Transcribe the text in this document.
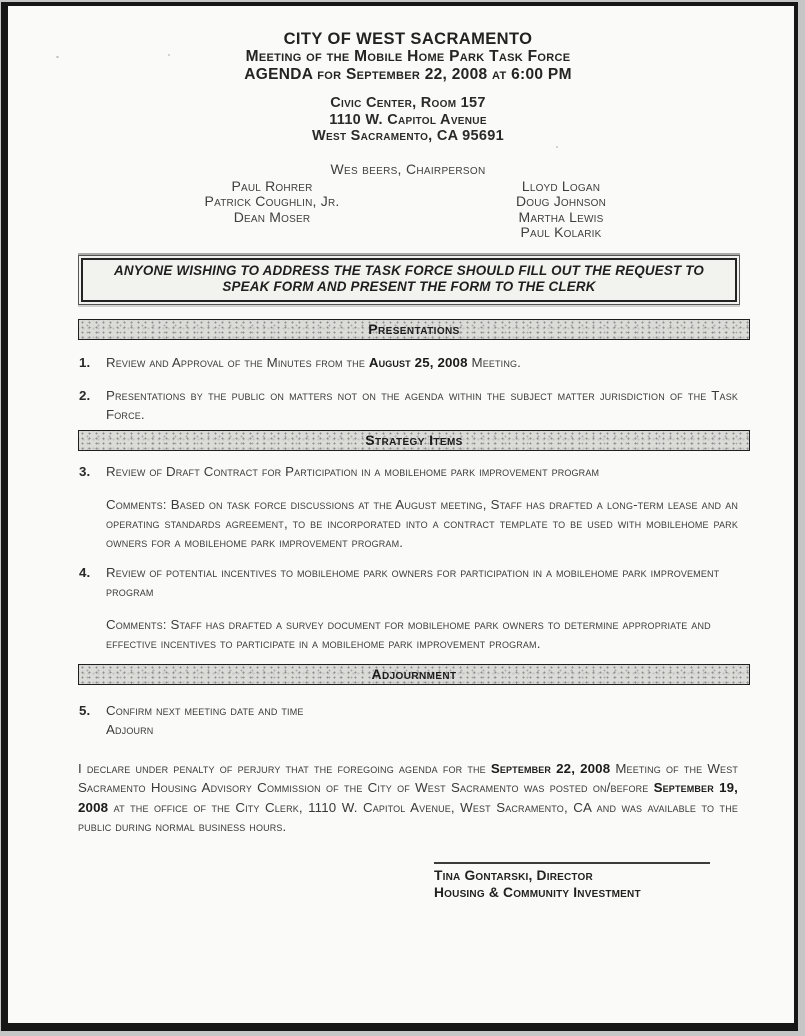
CITY OF WEST SACRAMENTO
Meeting of the Mobile Home Park Task Force
AGENDA for September 22, 2008 at 6:00 PM
Civic Center, Room 157
1110 W. Capitol Avenue
West Sacramento, CA 95691
Wes beers, Chairperson
Paul Rohrer
Patrick Coughlin, Jr.
Dean Moser
Lloyd Logan
Doug Johnson
Martha Lewis
Paul Kolarik
ANYONE WISHING TO ADDRESS THE TASK FORCE SHOULD FILL OUT THE REQUEST TO SPEAK FORM AND PRESENT THE FORM TO THE CLERK
Presentations
1. Review and Approval of the Minutes from the August 25, 2008 Meeting.
2. Presentations by the public on matters not on the agenda within the subject matter jurisdiction of the Task Force.
Strategy Items
3. Review of Draft Contract for Participation in a mobilehome park improvement program
Comments: Based on task force discussions at the August meeting, Staff has drafted a long-term lease and an operating standards agreement, to be incorporated into a contract template to be used with mobilehome park owners for a mobilehome park improvement program.
4. Review of potential incentives to mobilehome park owners for participation in a mobilehome park improvement program
Comments: Staff has drafted a survey document for mobilehome park owners to determine appropriate and effective incentives to participate in a mobilehome park improvement program.
Adjournment
5. Confirm next meeting date and time
Adjourn
I declare under penalty of perjury that the foregoing agenda for the September 22, 2008 Meeting of the West Sacramento Housing Advisory Commission of the City of West Sacramento was posted on/before September 19, 2008 at the office of the City Clerk, 1110 W. Capitol Avenue, West Sacramento, CA and was available to the public during normal business hours.
Tina Gontarski, Director
Housing & Community Investment
